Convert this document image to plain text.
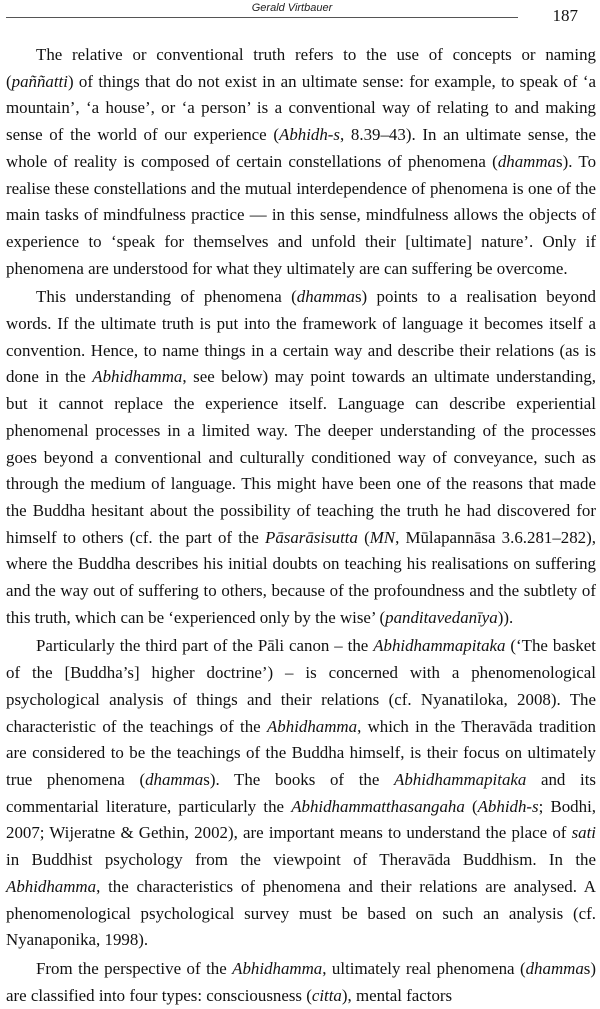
Gerald Virtbauer	187

The relative or conventional truth refers to the use of concepts or naming (paññatti) of things that do not exist in an ultimate sense: for example, to speak of ‘a mountain’, ‘a house’, or ‘a person’ is a conventional way of relating to and making sense of the world of our experience (Abhidh-s, 8.39–43). In an ultimate sense, the whole of reality is composed of certain constellations of phenomena (dhammas). To realise these constellations and the mutual interdependence of phenomena is one of the main tasks of mindfulness practice — in this sense, mindfulness allows the objects of experience to ‘speak for themselves and unfold their [ultimate] nature’. Only if phenomena are understood for what they ultimately are can suffering be overcome.

This understanding of phenomena (dhammas) points to a realisation beyond words. If the ultimate truth is put into the framework of language it becomes itself a convention. Hence, to name things in a certain way and describe their relations (as is done in the Abhidhamma, see below) may point towards an ultimate understanding, but it cannot replace the experience itself. Language can describe experiential phenomenal processes in a limited way. The deeper understanding of the processes goes beyond a conventional and culturally conditioned way of conveyance, such as through the medium of language. This might have been one of the reasons that made the Buddha hesitant about the possibility of teaching the truth he had discovered for himself to others (cf. the part of the Pāsarāsisutta (MN, Mūlapannāsa 3.6.281–282), where the Buddha describes his initial doubts on teaching his realisations on suffering and the way out of suffering to others, because of the profoundness and the subtlety of this truth, which can be ‘experienced only by the wise’ (panditavedanīya)).

Particularly the third part of the Pāli canon – the Abhidhammapitaka (‘The basket of the [Buddha’s] higher doctrine’) – is concerned with a phenomenological psychological analysis of things and their relations (cf. Nyanatiloka, 2008). The characteristic of the teachings of the Abhidhamma, which in the Theravāda tradition are considered to be the teachings of the Buddha himself, is their focus on ultimately true phenomena (dhammas). The books of the Abhidhammapitaka and its commentarial literature, particularly the Abhidhammatthasangaha (Abhidh-s; Bodhi, 2007; Wijeratne & Gethin, 2002), are important means to understand the place of sati in Buddhist psychology from the viewpoint of Theravāda Buddhism. In the Abhidhamma, the characteristics of phenomena and their relations are analysed. A phenomenological psychological survey must be based on such an analysis (cf. Nyanaponika, 1998).

From the perspective of the Abhidhamma, ultimately real phenomena (dhammas) are classified into four types: consciousness (citta), mental factors
